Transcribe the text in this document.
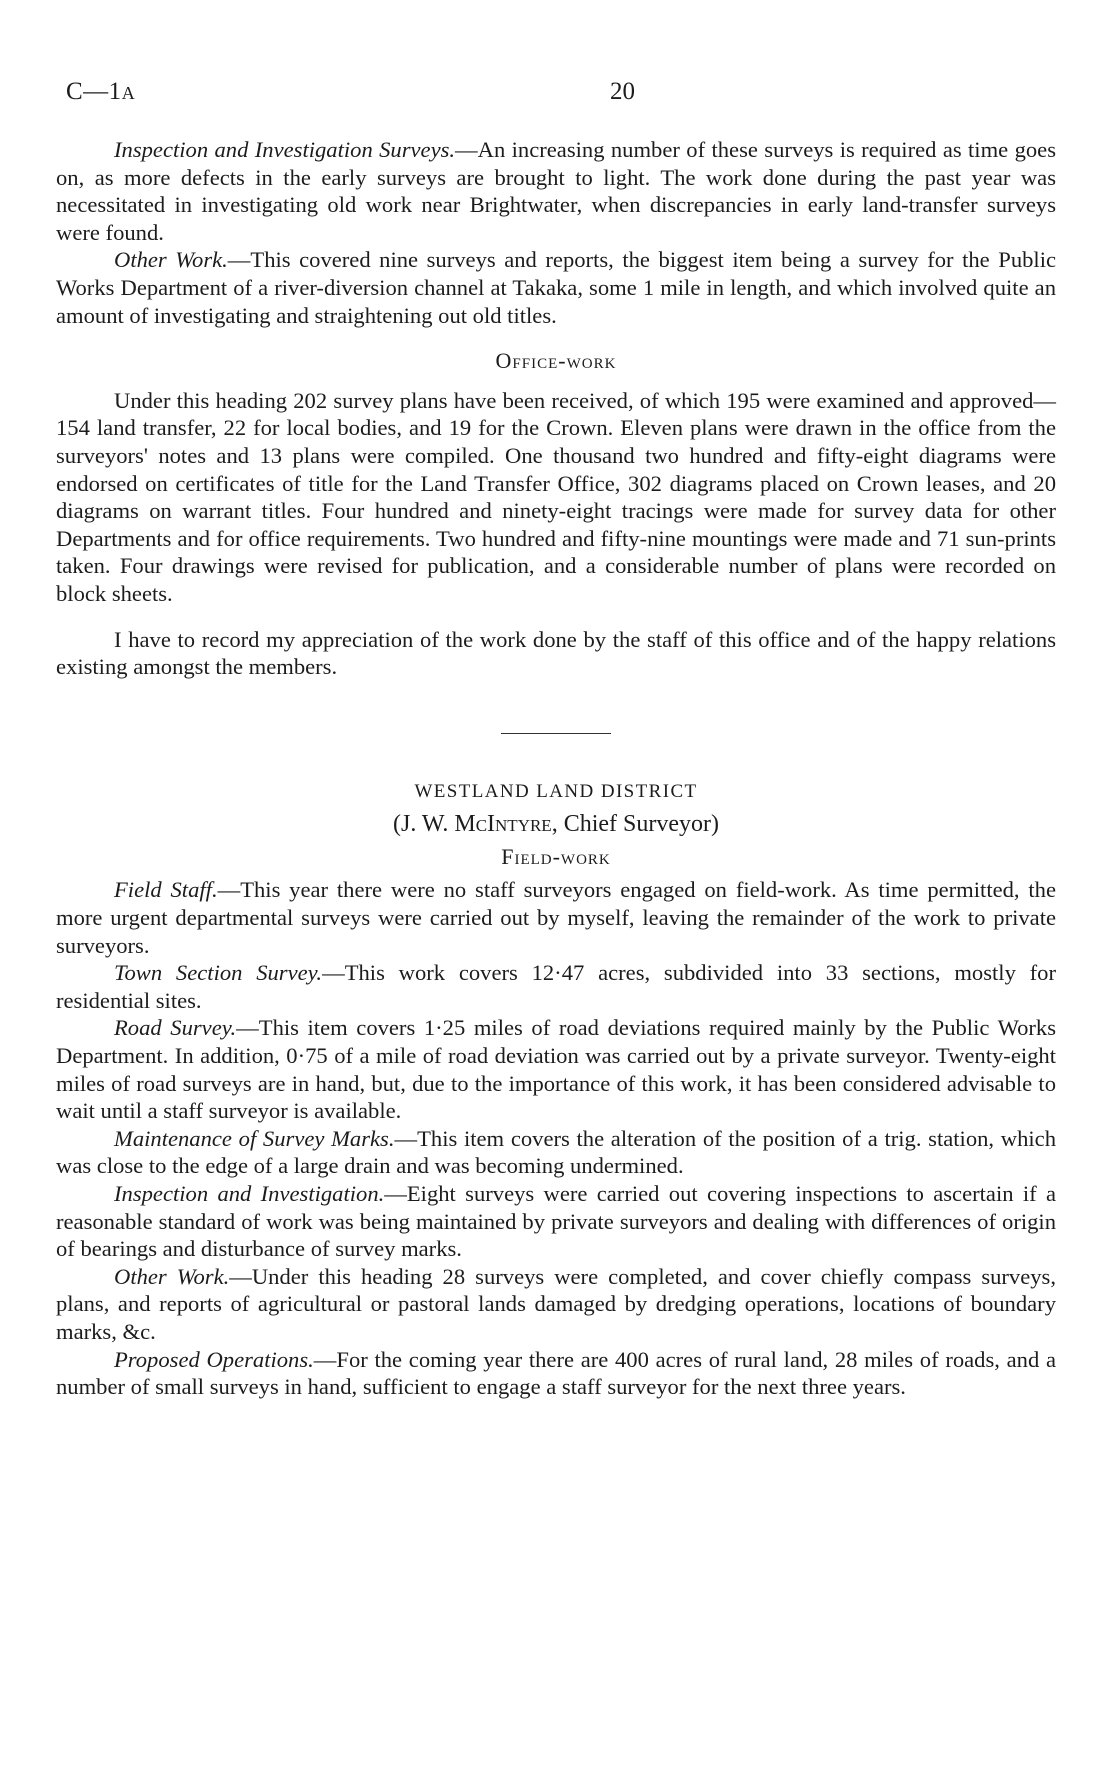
C—1A	20

Inspection and Investigation Surveys.—An increasing number of these surveys is required as time goes on, as more defects in the early surveys are brought to light. The work done during the past year was necessitated in investigating old work near Brightwater, when discrepancies in early land-transfer surveys were found.

Other Work.—This covered nine surveys and reports, the biggest item being a survey for the Public Works Department of a river-diversion channel at Takaka, some 1 mile in length, and which involved quite an amount of investigating and straightening out old titles.

Office-work

Under this heading 202 survey plans have been received, of which 195 were examined and approved—154 land transfer, 22 for local bodies, and 19 for the Crown. Eleven plans were drawn in the office from the surveyors' notes and 13 plans were compiled. One thousand two hundred and fifty-eight diagrams were endorsed on certificates of title for the Land Transfer Office, 302 diagrams placed on Crown leases, and 20 diagrams on warrant titles. Four hundred and ninety-eight tracings were made for survey data for other Departments and for office requirements. Two hundred and fifty-nine mountings were made and 71 sun-prints taken. Four drawings were revised for publication, and a considerable number of plans were recorded on block sheets.

I have to record my appreciation of the work done by the staff of this office and of the happy relations existing amongst the members.

WESTLAND LAND DISTRICT
(J. W. McIntyre, Chief Surveyor)
Field-work

Field Staff.—This year there were no staff surveyors engaged on field-work. As time permitted, the more urgent departmental surveys were carried out by myself, leaving the remainder of the work to private surveyors.

Town Section Survey.—This work covers 12·47 acres, subdivided into 33 sections, mostly for residential sites.

Road Survey.—This item covers 1·25 miles of road deviations required mainly by the Public Works Department. In addition, 0·75 of a mile of road deviation was carried out by a private surveyor. Twenty-eight miles of road surveys are in hand, but, due to the importance of this work, it has been considered advisable to wait until a staff surveyor is available.

Maintenance of Survey Marks.—This item covers the alteration of the position of a trig. station, which was close to the edge of a large drain and was becoming undermined.

Inspection and Investigation.—Eight surveys were carried out covering inspections to ascertain if a reasonable standard of work was being maintained by private surveyors and dealing with differences of origin of bearings and disturbance of survey marks.

Other Work.—Under this heading 28 surveys were completed, and cover chiefly compass surveys, plans, and reports of agricultural or pastoral lands damaged by dredging operations, locations of boundary marks, &c.

Proposed Operations.—For the coming year there are 400 acres of rural land, 28 miles of roads, and a number of small surveys in hand, sufficient to engage a staff surveyor for the next three years.
